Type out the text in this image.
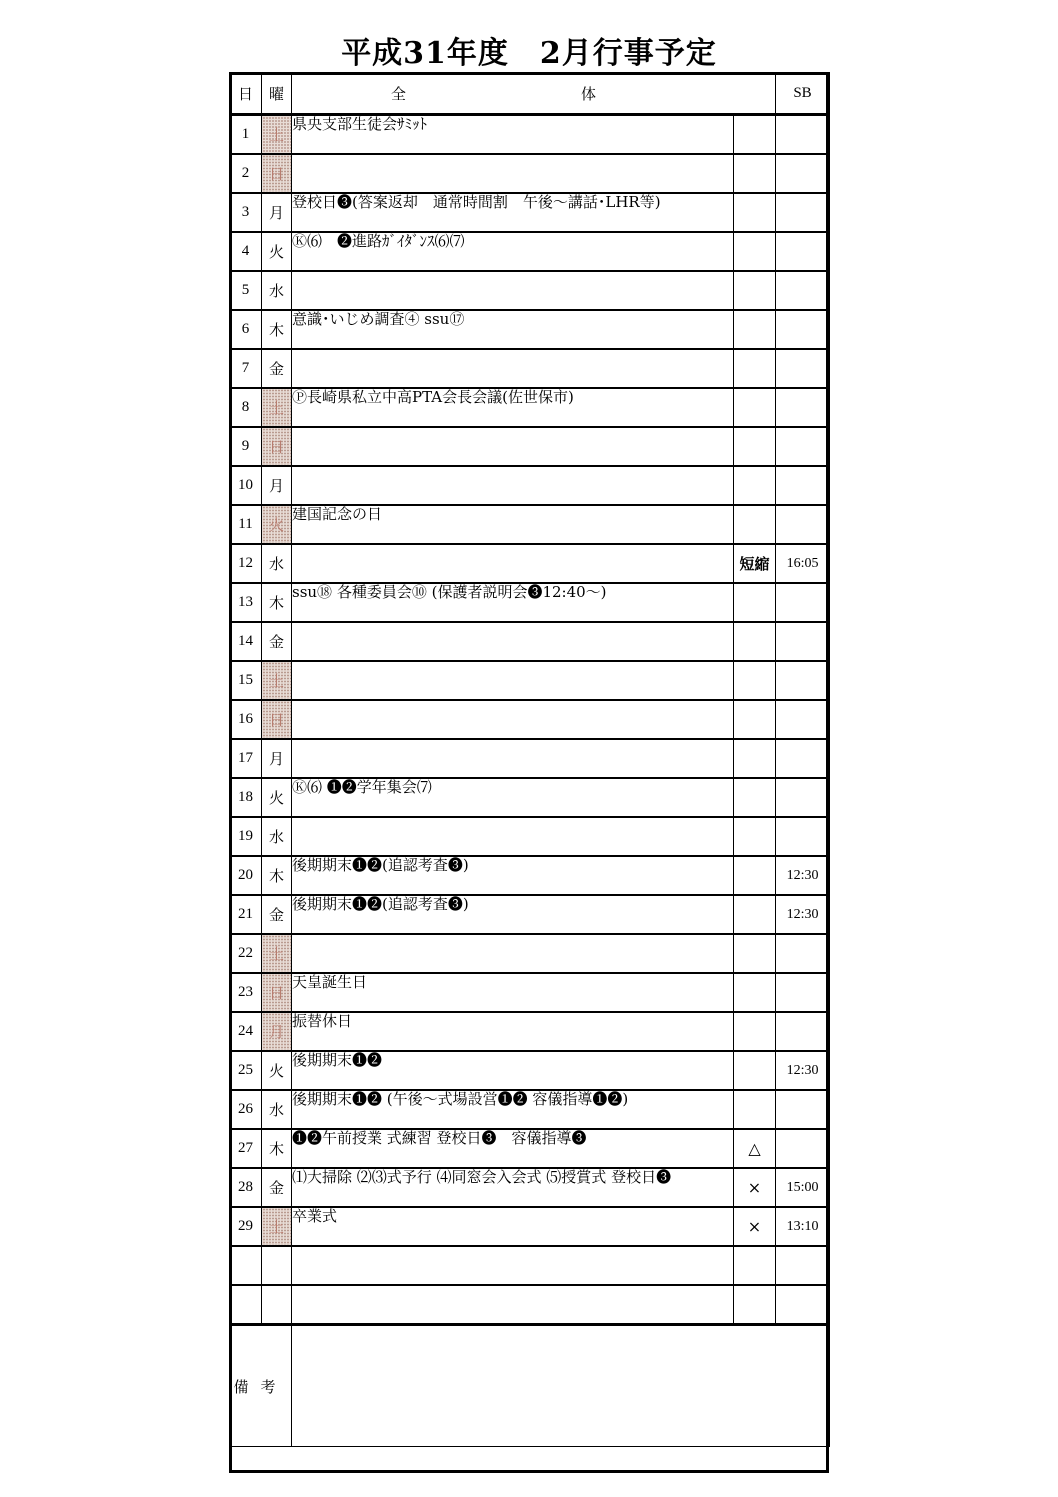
平成31年度　2月行事予定
日	曜	全　体		SB
1	土	県央支部生徒会ｻﾐｯﾄ		
2	日			
3	月	登校日❸(答案返却　通常時間割　午後～講話･LHR等)		
4	火	Ⓚ⑹　❷進路ｶﾞｲﾀﾞﾝｽ⑹⑺		
5	水			
6	木	意識･いじめ調査④ ssu⑰		
7	金			
8	土	Ⓟ長崎県私立中高PTA会長会議(佐世保市)		
9	日			
10	月			
11	火	建国記念の日		
12	水		短縮	16:05
13	木	ssu⑱ 各種委員会⑩ (保護者説明会❸12:40～)		
14	金			
15	土			
16	日			
17	月			
18	火	Ⓚ⑹ ❶❷学年集会⑺		
19	水			
20	木	後期期末❶❷(追認考査❸)		12:30
21	金	後期期末❶❷(追認考査❸)		12:30
22	土			
23	日	天皇誕生日		
24	月	振替休日		
25	火	後期期末❶❷		12:30
26	水	後期期末❶❷ (午後～式場設営❶❷ 容儀指導❶❷)		
27	木	❶❷午前授業 式練習 登校日❸　容儀指導❸	△	
28	金	⑴大掃除 ⑵⑶式予行 ⑷同窓会入会式 ⑸授賞式 登校日❸	×	15:00
29	土	卒業式	×	13:10

備考				
